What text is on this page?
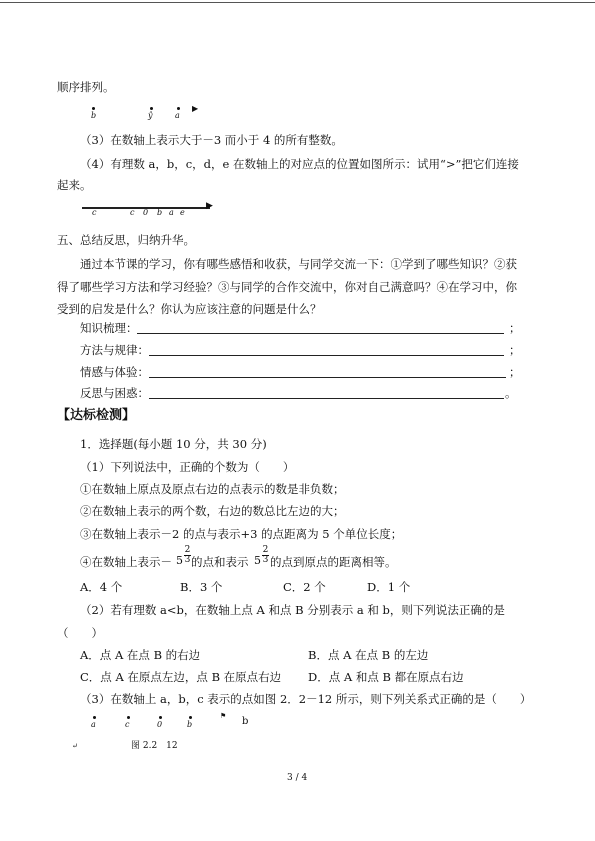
顺序排列。
b	ŷ	a
▶
（3）在数轴上表示大于－3 而小于 4 的所有整数。
（4）有理数 a，b，c，d，e 在数轴上的对应点的位置如图所示：试用“>”把它们连接
起来。
▶
c	c 0 b a e
五、总结反思，归纳升华。
通过本节课的学习，你有哪些感悟和收获，与同学交流一下：①学到了哪些知识？②获
得了哪些学习方法和学习经验？③与同学的合作交流中，你对自己满意吗？④在学习中，你
受到的启发是什么？你认为应该注意的问题是什么？
知识梳理：	；
方法与规律：	；
情感与体验：	；
反思与困惑：	。
【达标检测】
1．选择题(每小题 10 分，共 30 分)
（1）下列说法中，正确的个数为（　　）
①在数轴上原点及原点右边的点表示的数是非负数；
②在数轴上表示的两个数，右边的数总比左边的大；
③在数轴上表示－2 的点与表示+3 的点距离为 5 个单位长度；
④在数轴上表示－ 5
2
3 的点和表示 5
2
3 的点到原点的距离相等。
A．4 个	B．3 个	C．2 个	D．1 个
（2）若有理数 a<b，在数轴上点 A 和点 B 分别表示 a 和 b，则下列说法正确的是
（　　）
A．点 A 在点 B 的右边	B．点 A 在点 B 的左边
C．点 A 在原点左边，点 B 在原点右边 D．点 A 和点 B 都在原点右边
（3）在数轴上 a，b，c 表示的点如图 2．2－12 所示，则下列关系式正确的是（　　）
a	c	0	b
⚑ b
↵	图 2.2　12
3 / 4
